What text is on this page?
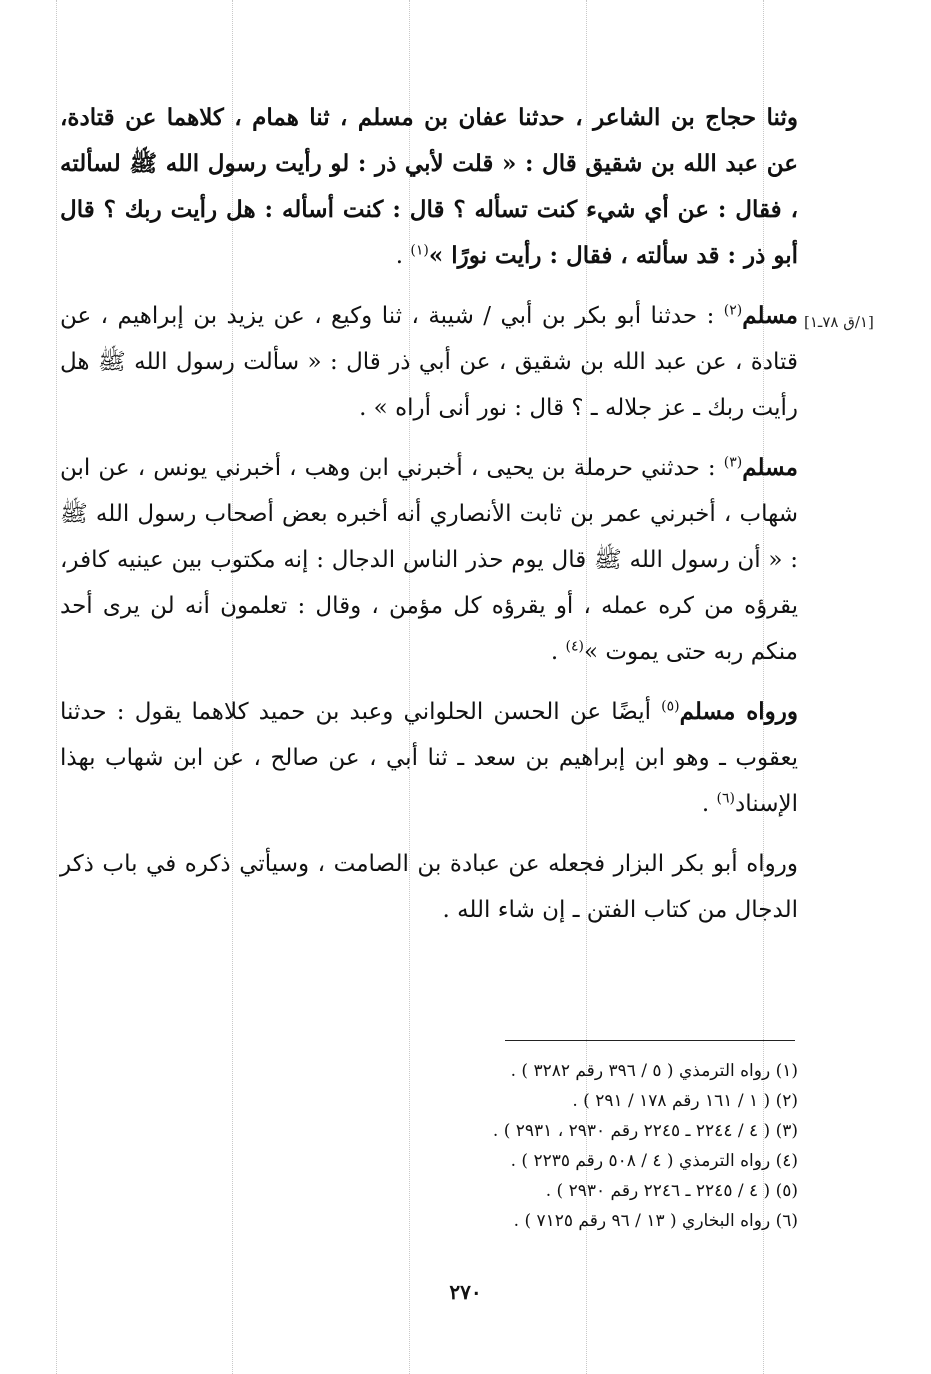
[١/ق ٧٨ـ١]

وثنا حجاج بن الشاعر ، حدثنا عفان بن مسلم ، ثنا همام ، كلاهما عن قتادة، عن عبد الله بن شقيق قال : « قلت لأبي ذر : لو رأيت رسول الله ﷺ لسألته ، فقال : عن أي شيء كنت تسأله ؟ قال : كنت أسأله : هل رأيت ربك ؟ قال أبو ذر : قد سألته ، فقال : رأيت نورًا »$^{(١)}$ .

مسلم$^{(٢)}$ : حدثنا أبو بكر بن أبي / شيبة ، ثنا وكيع ، عن يزيد بن إبراهيم ، عن قتادة ، عن عبد الله بن شقيق ، عن أبي ذر قال : « سألت رسول الله ﷺ هل رأيت ربك ـ عز جلاله ـ ؟ قال : نور أنى أراه » .

مسلم$^{(٣)}$ : حدثني حرملة بن يحيى ، أخبرني ابن وهب ، أخبرني يونس ، عن ابن شهاب ، أخبرني عمر بن ثابت الأنصاري أنه أخبره بعض أصحاب رسول الله ﷺ : « أن رسول الله ﷺ قال يوم حذر الناس الدجال : إنه مكتوب بين عينيه كافر، يقرؤه من كره عمله ، أو يقرؤه كل مؤمن ، وقال : تعلمون أنه لن يرى أحد منكم ربه حتى يموت »$^{(٤)}$ .

ورواه مسلم$^{(٥)}$ أيضًا عن الحسن الحلواني وعبد بن حميد كلاهما يقول : حدثنا يعقوب ـ وهو ابن إبراهيم بن سعد ـ ثنا أبي ، عن صالح ، عن ابن شهاب بهذا الإسناد$^{(٦)}$ .

ورواه أبو بكر البزار فجعله عن عبادة بن الصامت ، وسيأتي ذكره في باب ذكر الدجال من كتاب الفتن ـ إن شاء الله .

(١) رواه الترمذي ( ٥ / ٣٩٦ رقم ٣٢٨٢ ) .
(٢) ( ١ / ١٦١ رقم ١٧٨ / ٢٩١ ) .
(٣) ( ٤ / ٢٢٤٤ ـ ٢٢٤٥ رقم ٢٩٣٠ ، ٢٩٣١ ) .
(٤) رواه الترمذي ( ٤ / ٥٠٨ رقم ٢٢٣٥ ) .
(٥) ( ٤ / ٢٢٤٥ ـ ٢٢٤٦ رقم ٢٩٣٠ ) .
(٦) رواه البخاري ( ١٣ / ٩٦ رقم ٧١٢٥ ) .
٢٧٠
